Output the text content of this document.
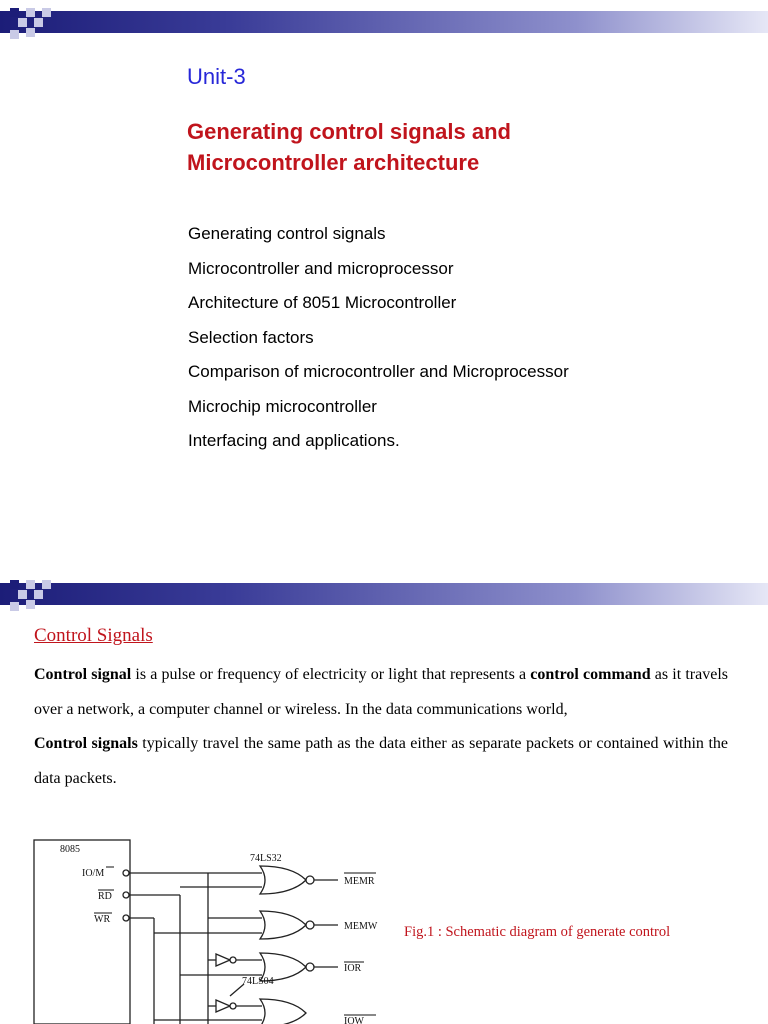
Unit-3
Generating control signals and
Microcontroller architecture
Generating control signals
Microcontroller and microprocessor
Architecture of 8051 Microcontroller
Selection factors
Comparison of microcontroller and Microprocessor
Microchip microcontroller
Interfacing and applications.
Control Signals

Control signal is a pulse or frequency of electricity or light that represents a control command as it travels over a network, a computer channel or wireless. In the data communications world,

Control signals typically travel the same path as the data either as separate packets or contained within the data packets.

8085
IO/M
RD
WR
74LS32
74LS04
MEMR
MEMW
IOR
IOW
Fig.1 : Schematic diagram of generate control
